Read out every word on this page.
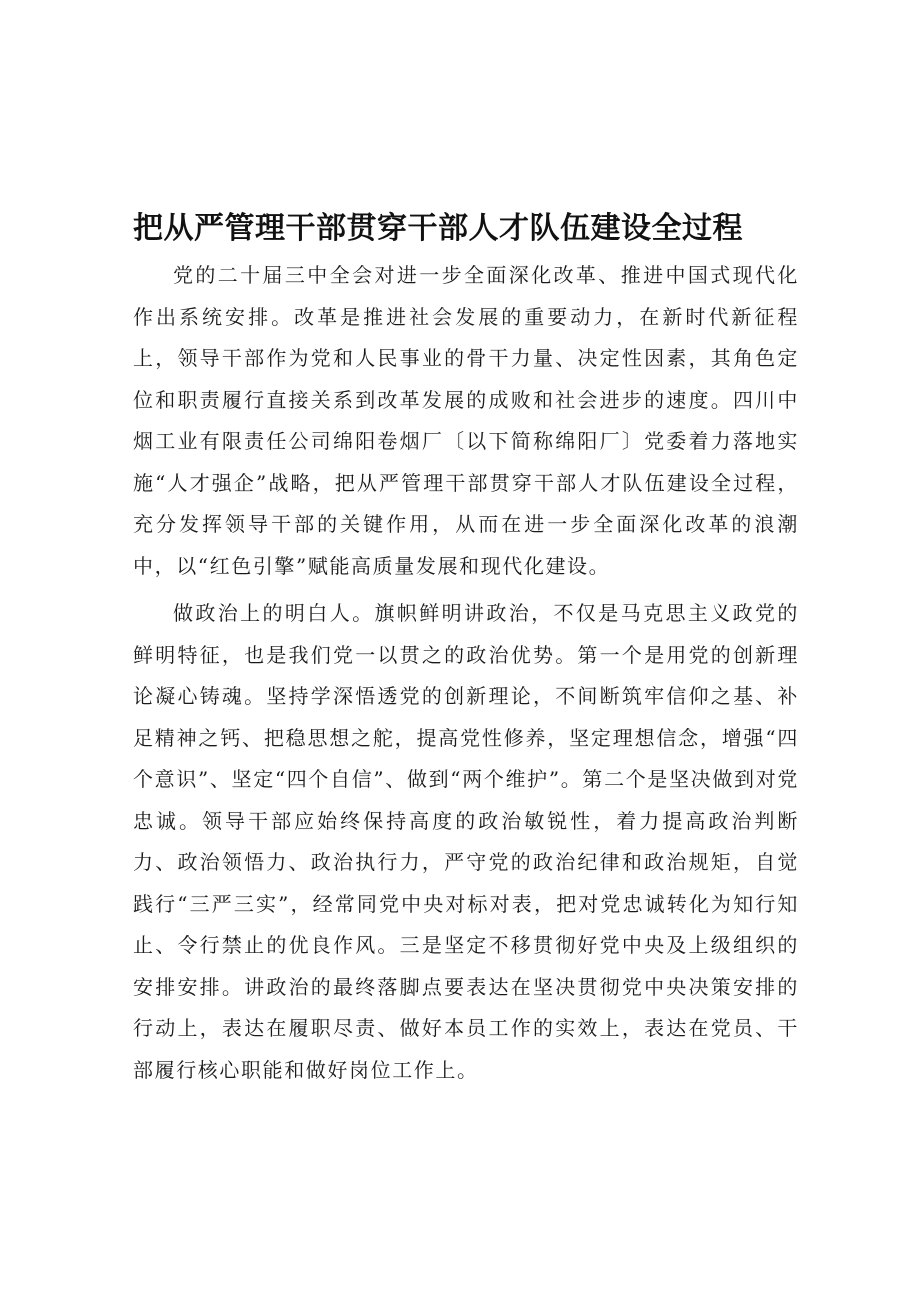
把从严管理干部贯穿干部人才队伍建设全过程

党的二十届三中全会对进一步全面深化改革、推进中国式现代化作出系统安排。改革是推进社会发展的重要动力，在新时代新征程上，领导干部作为党和人民事业的骨干力量、决定性因素，其角色定位和职责履行直接关系到改革发展的成败和社会进步的速度。四川中烟工业有限责任公司绵阳卷烟厂〔以下简称绵阳厂〕党委着力落地实施“人才强企”战略，把从严管理干部贯穿干部人才队伍建设全过程，充分发挥领导干部的关键作用，从而在进一步全面深化改革的浪潮中，以“红色引擎”赋能高质量发展和现代化建设。

做政治上的明白人。旗帜鲜明讲政治，不仅是马克思主义政党的鲜明特征，也是我们党一以贯之的政治优势。第一个是用党的创新理论凝心铸魂。坚持学深悟透党的创新理论，不间断筑牢信仰之基、补足精神之钙、把稳思想之舵，提高党性修养，坚定理想信念，增强“四个意识”、坚定“四个自信”、做到“两个维护”。第二个是坚决做到对党忠诚。领导干部应始终保持高度的政治敏锐性，着力提高政治判断力、政治领悟力、政治执行力，严守党的政治纪律和政治规矩，自觉践行“三严三实”，经常同党中央对标对表，把对党忠诚转化为知行知止、令行禁止的优良作风。三是坚定不移贯彻好党中央及上级组织的安排安排。讲政治的最终落脚点要表达在坚决贯彻党中央决策安排的行动上，表达在履职尽责、做好本员工作的实效上，表达在党员、干部履行核心职能和做好岗位工作上。
